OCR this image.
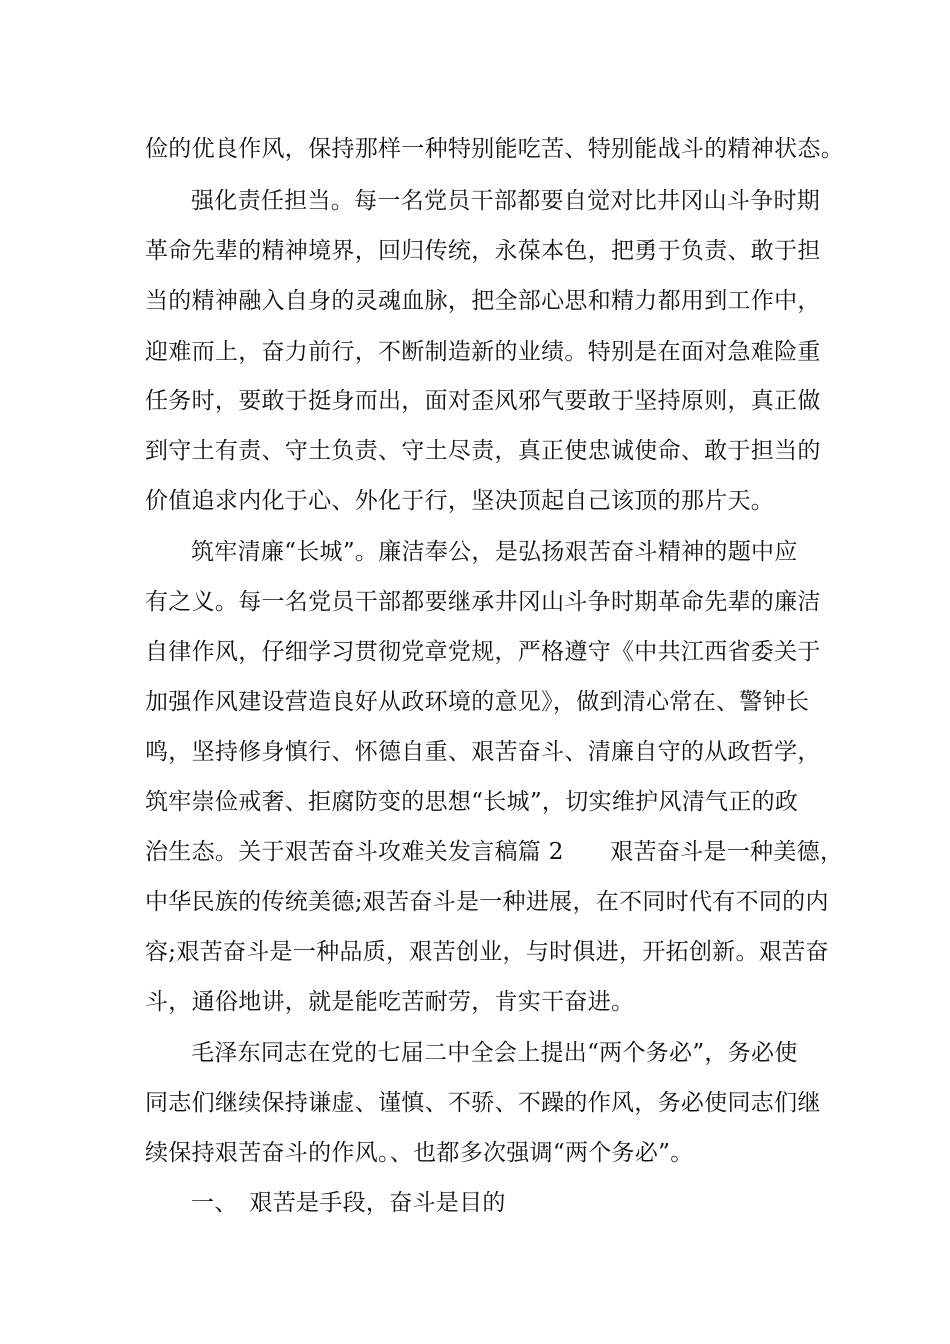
俭的优良作风，保持那样一种特别能吃苦、特别能战斗的精神状态。
强化责任担当。每一名党员干部都要自觉对比井冈山斗争时期
革命先辈的精神境界，回归传统，永葆本色，把勇于负责、敢于担
当的精神融入自身的灵魂血脉，把全部心思和精力都用到工作中，
迎难而上，奋力前行，不断制造新的业绩。特别是在面对急难险重
任务时，要敢于挺身而出，面对歪风邪气要敢于坚持原则，真正做
到守土有责、守土负责、守土尽责，真正使忠诚使命、敢于担当的
价值追求内化于心、外化于行，坚决顶起自己该顶的那片天。
筑牢清廉“长城”。廉洁奉公，是弘扬艰苦奋斗精神的题中应
有之义。每一名党员干部都要继承井冈山斗争时期革命先辈的廉洁
自律作风，仔细学习贯彻党章党规，严格遵守《中共江西省委关于
加强作风建设营造良好从政环境的意见》，做到清心常在、警钟长
鸣，坚持修身慎行、怀德自重、艰苦奋斗、清廉自守的从政哲学，
筑牢崇俭戒奢、拒腐防变的思想“长城”，切实维护风清气正的政
治生态。关于艰苦奋斗攻难关发言稿篇 2　　艰苦奋斗是一种美德，
中华民族的传统美德;艰苦奋斗是一种进展，在不同时代有不同的内
容;艰苦奋斗是一种品质，艰苦创业，与时俱进，开拓创新。艰苦奋
斗，通俗地讲，就是能吃苦耐劳，肯实干奋进。
毛泽东同志在党的七届二中全会上提出“两个务必”，务必使
同志们继续保持谦虚、谨慎、不骄、不躁的作风，务必使同志们继
续保持艰苦奋斗的作风。、也都多次强调“两个务必”。
一、　艰苦是手段，奋斗是目的
